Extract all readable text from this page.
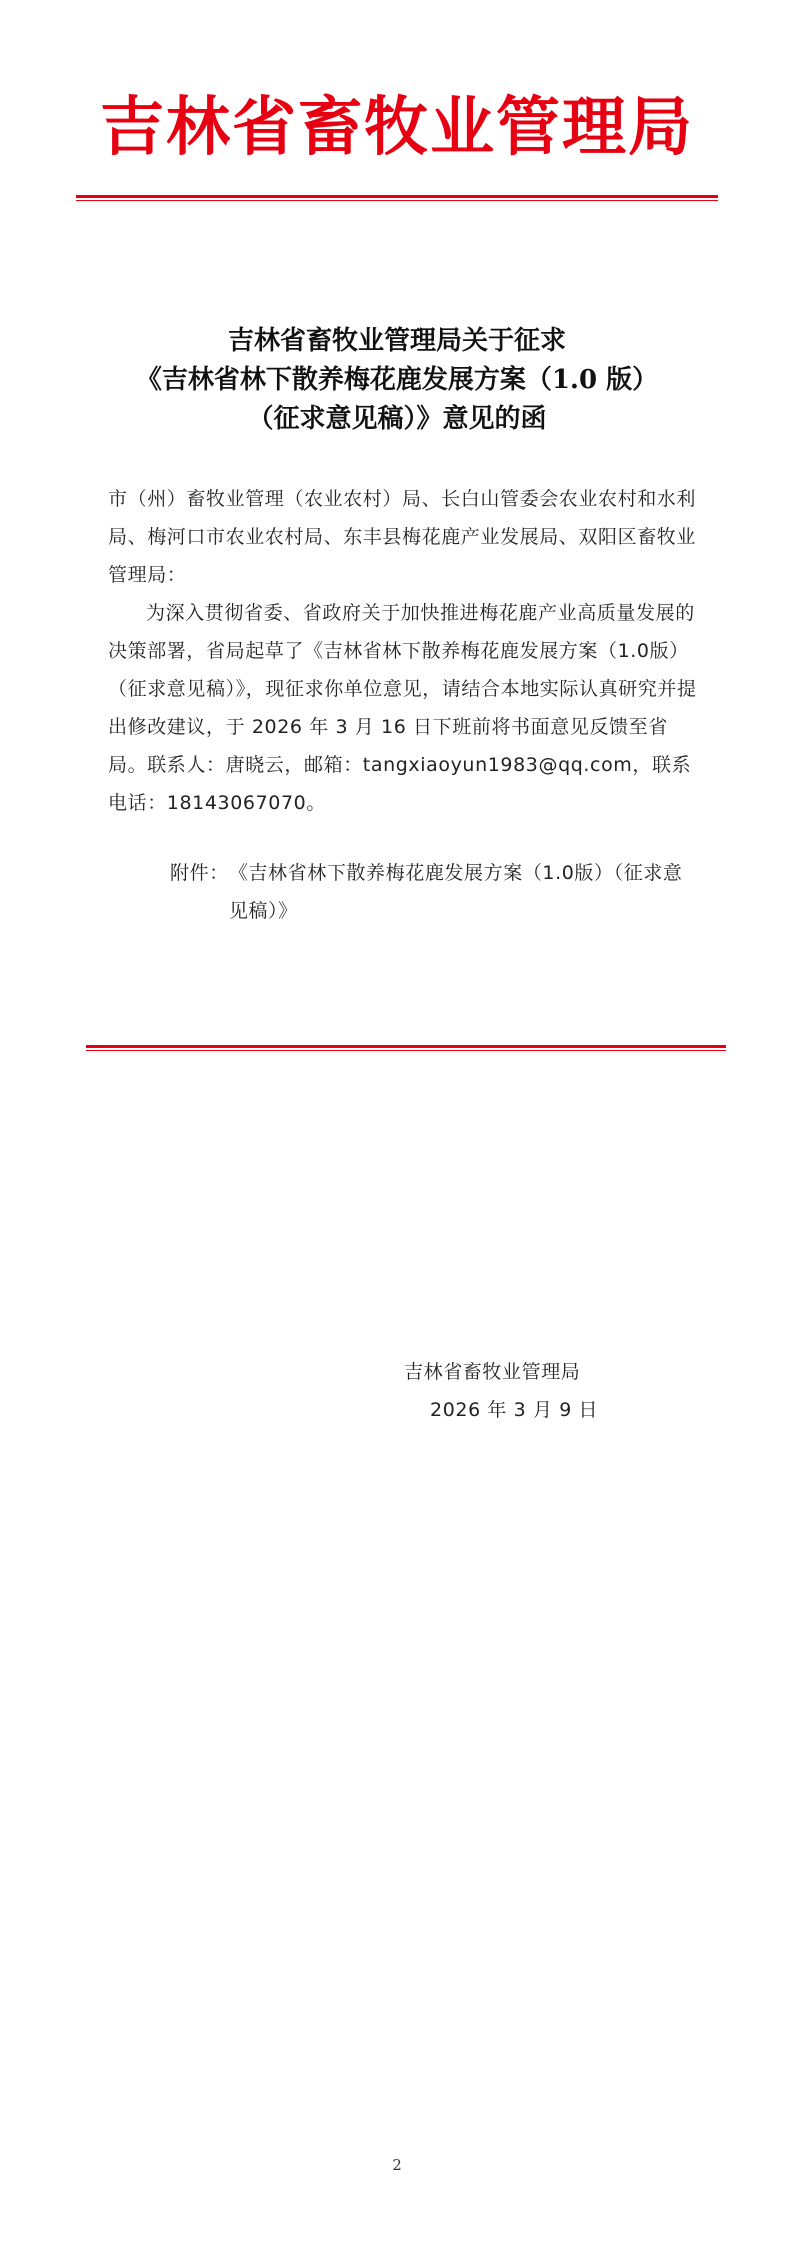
吉林省畜牧业管理局
吉林省畜牧业管理局关于征求
《吉林省林下散养梅花鹿发展方案（1.0 版）
（征求意见稿）》意见的函
市（州）畜牧业管理（农业农村）局、长白山管委会农业农村和水利局、梅河口市农业农村局、东丰县梅花鹿产业发展局、双阳区畜牧业管理局：
为深入贯彻省委、省政府关于加快推进梅花鹿产业高质量发展的决策部署，省局起草了《吉林省林下散养梅花鹿发展方案（1.0版）（征求意见稿）》，现征求你单位意见，请结合本地实际认真研究并提出修改建议，于 2026 年 3 月 16 日下班前将书面意见反馈至省局。联系人：唐晓云，邮箱：tangxiaoyun1983@qq.com，联系电话：18143067070。
附件： 《吉林省林下散养梅花鹿发展方案（1.0版）（征求意见稿）》
吉林省畜牧业管理局
2026 年 3 月 9 日
2
